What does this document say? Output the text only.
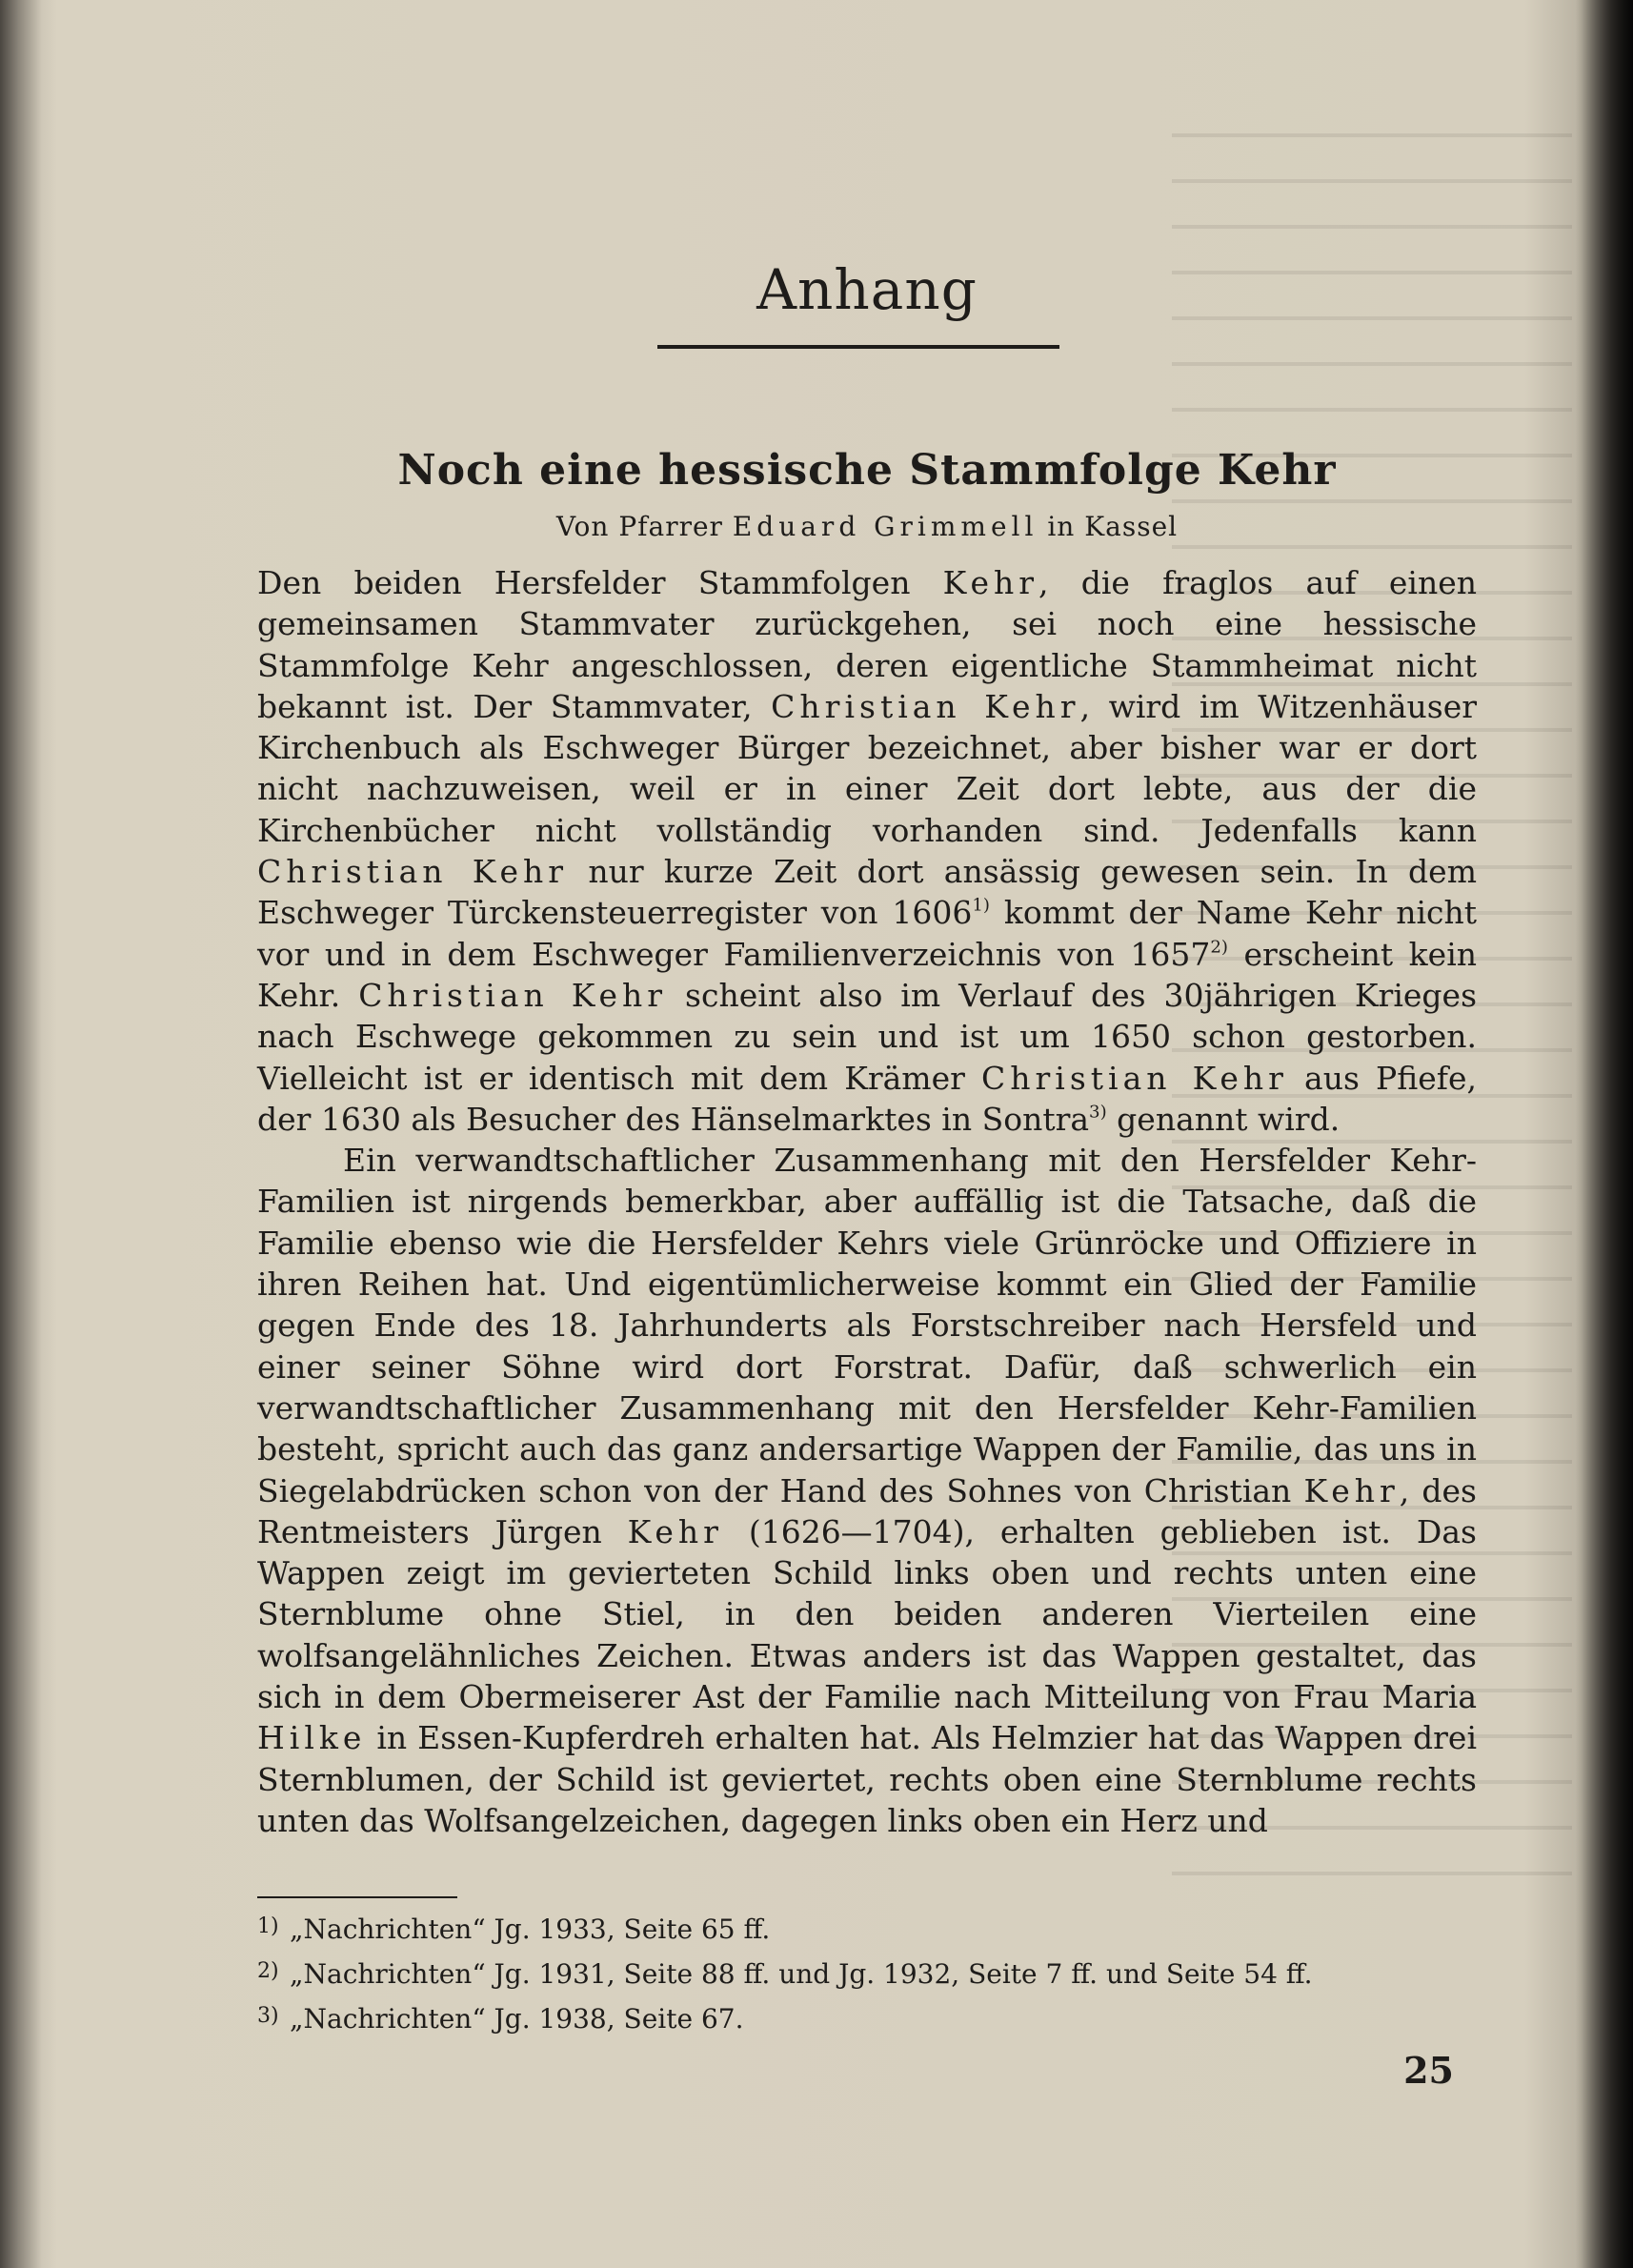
Anhang
Noch eine hessische Stammfolge Kehr
Von Pfarrer Eduard Grimmell in Kassel

Den beiden Hersfelder Stammfolgen Kehr, die fraglos auf einen gemeinsamen Stammvater zurückgehen, sei noch eine hessische Stammfolge Kehr angeschlossen, deren eigentliche Stammheimat nicht bekannt ist. Der Stammvater, Christian Kehr, wird im Witzenhäuser Kirchenbuch als Eschweger Bürger bezeichnet, aber bisher war er dort nicht nachzuweisen, weil er in einer Zeit dort lebte, aus der die Kirchenbücher nicht vollständig vorhanden sind. Jedenfalls kann Christian Kehr nur kurze Zeit dort ansässig gewesen sein. In dem Eschweger Türckensteuerregister von 1606$^{1)}$ kommt der Name Kehr nicht vor und in dem Eschweger Familienverzeichnis von 1657$^{2)}$ erscheint kein Kehr. Christian Kehr scheint also im Verlauf des 30jährigen Krieges nach Eschwege gekommen zu sein und ist um 1650 schon gestorben. Vielleicht ist er identisch mit dem Krämer Christian Kehr aus Pfiefe, der 1630 als Besucher des Hänselmarktes in Sontra$^{3)}$ genannt wird.

Ein verwandtschaftlicher Zusammenhang mit den Hersfelder Kehr-Familien ist nirgends bemerkbar, aber auffällig ist die Tatsache, daß die Familie ebenso wie die Hersfelder Kehrs viele Grünröcke und Offiziere in ihren Reihen hat. Und eigentümlicherweise kommt ein Glied der Familie gegen Ende des 18. Jahrhunderts als Forstschreiber nach Hersfeld und einer seiner Söhne wird dort Forstrat. Dafür, daß schwerlich ein verwandtschaftlicher Zusammenhang mit den Hersfelder Kehr-Familien besteht, spricht auch das ganz andersartige Wappen der Familie, das uns in Siegelabdrücken schon von der Hand des Sohnes von Christian Kehr, des Rentmeisters Jürgen Kehr (1626—1704), erhalten geblieben ist. Das Wappen zeigt im gevierteten Schild links oben und rechts unten eine Sternblume ohne Stiel, in den beiden anderen Vierteilen eine wolfsangelähnliches Zeichen. Etwas anders ist das Wappen gestaltet, das sich in dem Obermeiserer Ast der Familie nach Mitteilung von Frau Maria Hilke in Essen-Kupferdreh erhalten hat. Als Helmzier hat das Wappen drei Sternblumen, der Schild ist geviertet, rechts oben eine Sternblume rechts unten das Wolfsangelzeichen, dagegen links oben ein Herz und

1) „Nachrichten“ Jg. 1933, Seite 65 ff.
2) „Nachrichten“ Jg. 1931, Seite 88 ff. und Jg. 1932, Seite 7 ff. und Seite 54 ff.
3) „Nachrichten“ Jg. 1938, Seite 67.
25
